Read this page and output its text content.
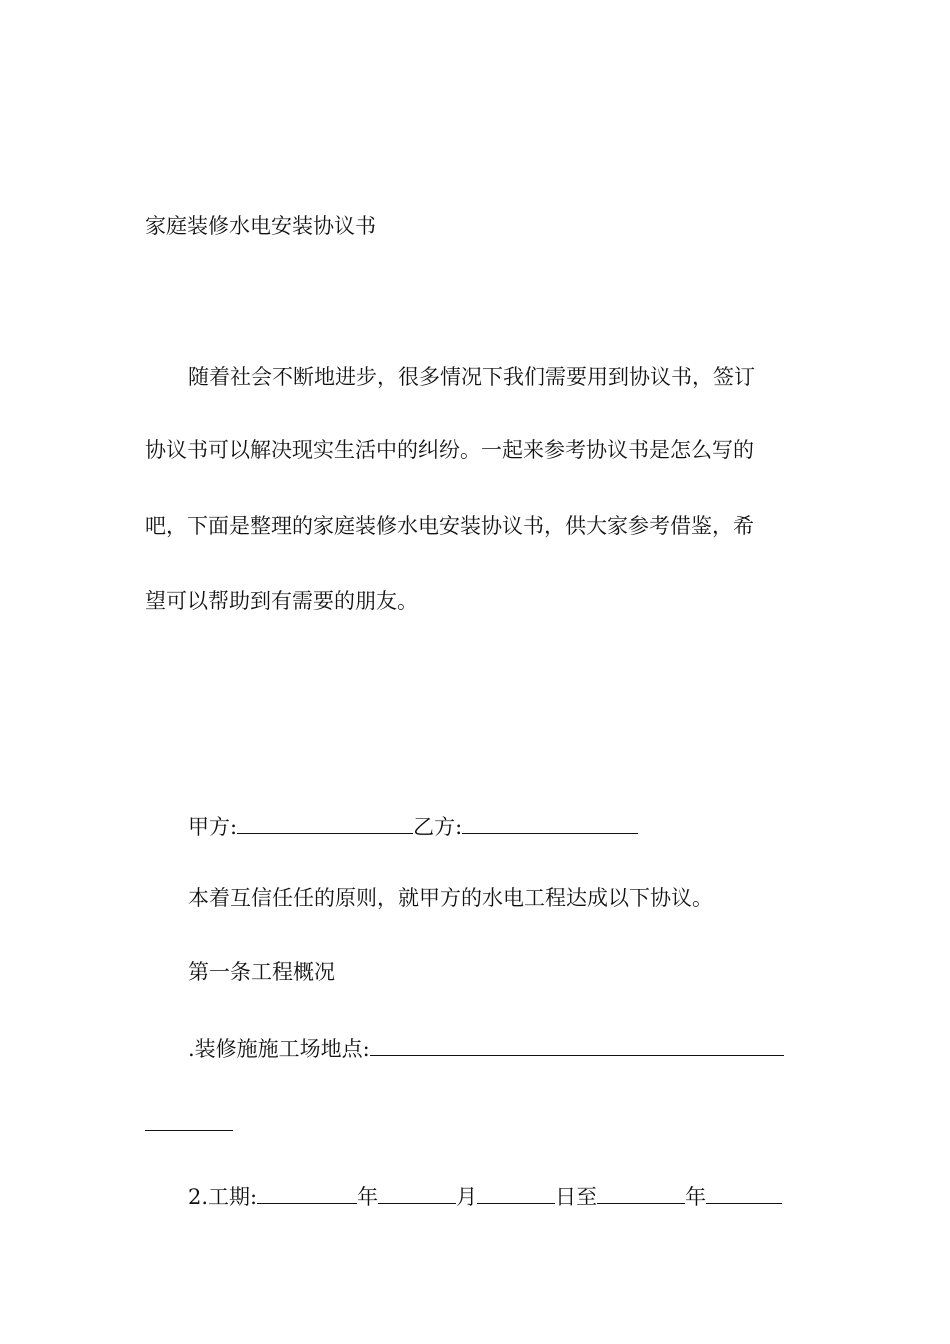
家庭装修水电安装协议书
随着社会不断地进步，很多情况下我们需要用到协议书，签订
协议书可以解决现实生活中的纠纷。一起来参考协议书是怎么写的
吧，下面是整理的家庭装修水电安装协议书，供大家参考借鉴，希
望可以帮助到有需要的朋友。
甲方:	乙方:
本着互信任任的原则，就甲方的水电工程达成以下协议。
第一条工程概况
.装修施施工场地点:
2.工期:	年	月	日至	年
